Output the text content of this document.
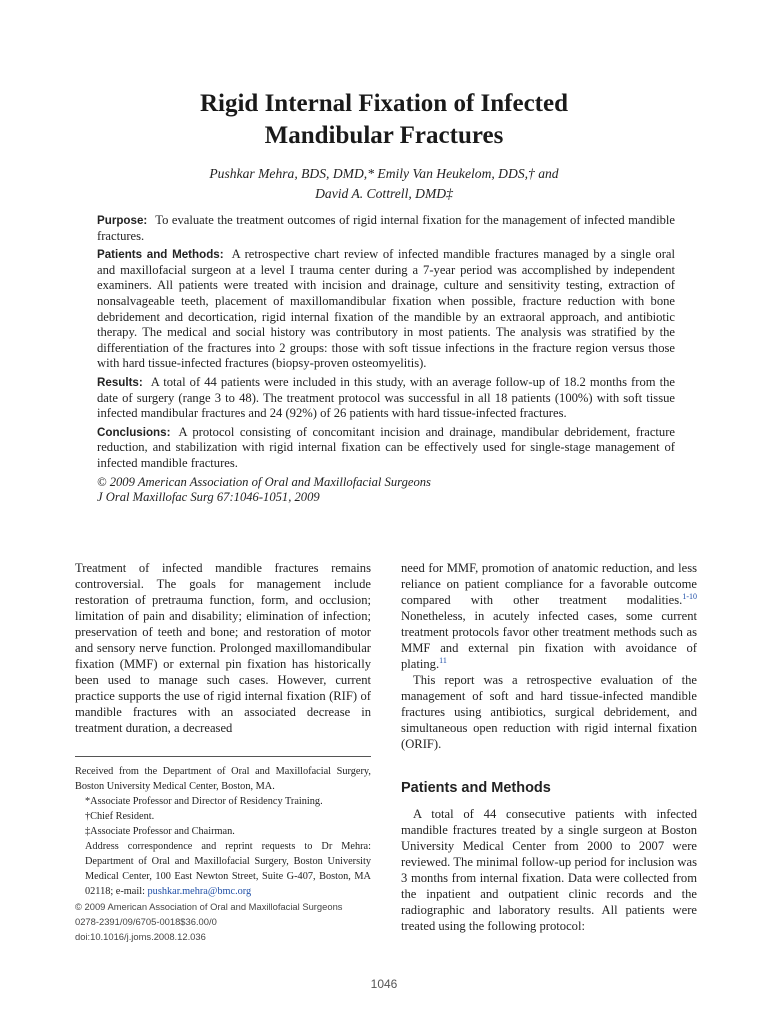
Rigid Internal Fixation of Infected
Mandibular Fractures
Pushkar Mehra, BDS, DMD,* Emily Van Heukelom, DDS,† and
David A. Cottrell, DMD‡

Purpose: To evaluate the treatment outcomes of rigid internal fixation for the management of infected mandible fractures.

Patients and Methods: A retrospective chart review of infected mandible fractures managed by a single oral and maxillofacial surgeon at a level I trauma center during a 7-year period was accomplished by independent examiners. All patients were treated with incision and drainage, culture and sensitivity testing, extraction of nonsalvageable teeth, placement of maxillomandibular fixation when possible, fracture reduction with bone debridement and decortication, rigid internal fixation of the mandible by an extraoral approach, and antibiotic therapy. The medical and social history was contributory in most patients. The analysis was stratified by the differentiation of the fractures into 2 groups: those with soft tissue infections in the fracture region versus those with hard tissue-infected fractures (biopsy-proven osteomyelitis).

Results: A total of 44 patients were included in this study, with an average follow-up of 18.2 months from the date of surgery (range 3 to 48). The treatment protocol was successful in all 18 patients (100%) with soft tissue infected mandibular fractures and 24 (92%) of 26 patients with hard tissue-infected fractures.

Conclusions: A protocol consisting of concomitant incision and drainage, mandibular debridement, fracture reduction, and stabilization with rigid internal fixation can be effectively used for single-stage management of infected mandible fractures.

© 2009 American Association of Oral and Maxillofacial Surgeons

J Oral Maxillofac Surg 67:1046-1051, 2009

Treatment of infected mandible fractures remains controversial. The goals for management include restoration of pretrauma function, form, and occlusion; limitation of pain and disability; elimination of infection; preservation of teeth and bone; and restoration of motor and sensory nerve function. Prolonged maxillomandibular fixation (MMF) or external pin fixation has historically been used to manage such cases. However, current practice supports the use of rigid internal fixation (RIF) of mandible fractures with an associated decrease in treatment duration, a decreased

need for MMF, promotion of anatomic reduction, and less reliance on patient compliance for a favorable outcome compared with other treatment modalities.$^{1-10}$ Nonetheless, in acutely infected cases, some current treatment protocols favor other treatment methods such as MMF and external pin fixation with avoidance of plating.$^{11}$

This report was a retrospective evaluation of the management of soft and hard tissue-infected mandible fractures using antibiotics, surgical debridement, and simultaneous open reduction with rigid internal fixation (ORIF).

Received from the Department of Oral and Maxillofacial Surgery, Boston University Medical Center, Boston, MA.

*Associate Professor and Director of Residency Training.

†Chief Resident.

‡Associate Professor and Chairman.

Address correspondence and reprint requests to Dr Mehra: Department of Oral and Maxillofacial Surgery, Boston University Medical Center, 100 East Newton Street, Suite G-407, Boston, MA 02118; e-mail: pushkar.mehra@bmc.org

© 2009 American Association of Oral and Maxillofacial Surgeons

0278-2391/09/6705-0018$36.00/0

doi:10.1016/j.joms.2008.12.036

Patients and Methods

A total of 44 consecutive patients with infected mandible fractures treated by a single surgeon at Boston University Medical Center from 2000 to 2007 were reviewed. The minimal follow-up period for inclusion was 3 months from internal fixation. Data were collected from the inpatient and outpatient clinic records and the radiographic and laboratory results. All patients were treated using the following protocol:

1046
